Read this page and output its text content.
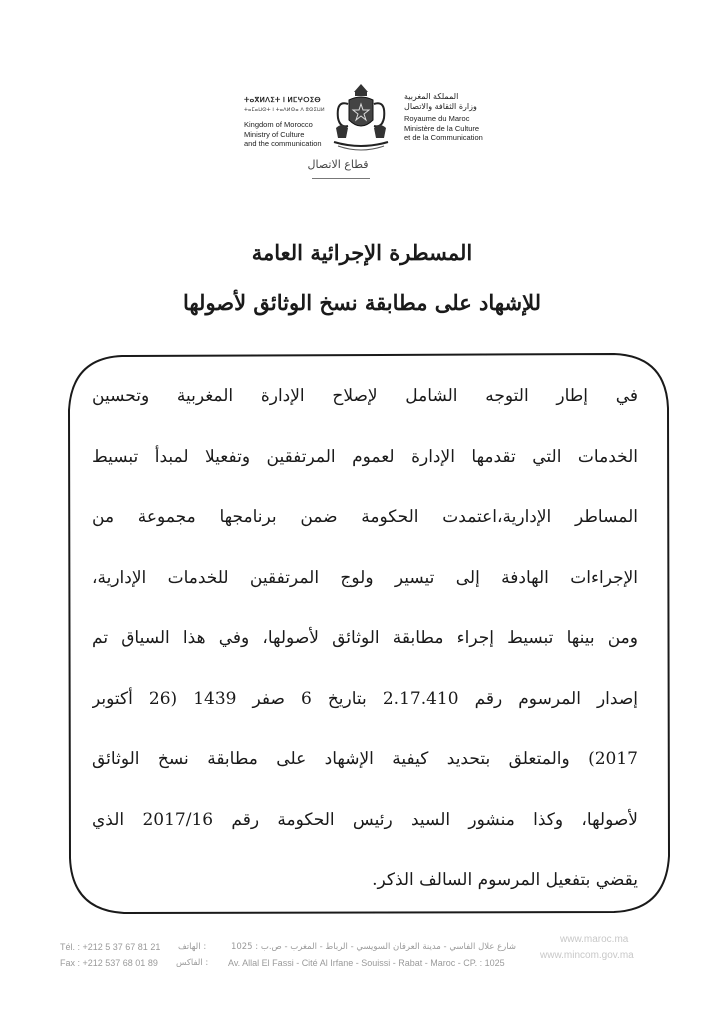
ⵜⴰⴳⵍⴷⵉⵜ ⵏ ⵍⵎⵖⵔⵉⴱ
ⵜⴰⵎⴰⵡⵙⵜ ⵏ ⵜⴰⴷⵍⵙⴰ ⴷ ⵓⵙⵉⵡⵍ
Kingdom of Morocco
Ministry of Culture
and the communication
المملكة المغربية
وزارة الثقافة والاتصال
Royaume du Maroc
Ministère de la Culture
et de la Communication
قطاع الاتصال
المسطرة الإجرائية العامة
للإشهاد على مطابقة نسخ الوثائق لأصولها
في إطار التوجه الشامل لإصلاح الإدارة المغربية وتحسين
الخدمات التي تقدمها الإدارة لعموم المرتفقين وتفعيلا لمبدأ تبسيط
المساطر الإدارية،اعتمدت الحكومة ضمن برنامجها مجموعة من
الإجراءات الهادفة إلى تيسير ولوج المرتفقين للخدمات الإدارية،
ومن بينها تبسيط إجراء مطابقة الوثائق لأصولها، وفي هذا السياق تم
إصدار المرسوم رقم 2.17.410 بتاريخ 6 صفر 1439 (26 أكتوبر
2017) والمتعلق بتحديد كيفية الإشهاد على مطابقة نسخ الوثائق
لأصولها، وكذا منشور السيد رئيس الحكومة رقم 2017/16 الذي
يقضي بتفعيل المرسوم السالف الذكر.
Tél. : +212 5 37 67 81 21 : الهاتف
Fax : +212 537 68 01 89 : الفاكس
شارع علال الفاسي - مدينة العرفان السويسي - الرباط - المغرب - ص.ب : 1025
Av. Allal El Fassi - Cité Al Irfane - Souissi - Rabat - Maroc - CP. : 1025
www.maroc.ma
www.mincom.gov.ma
